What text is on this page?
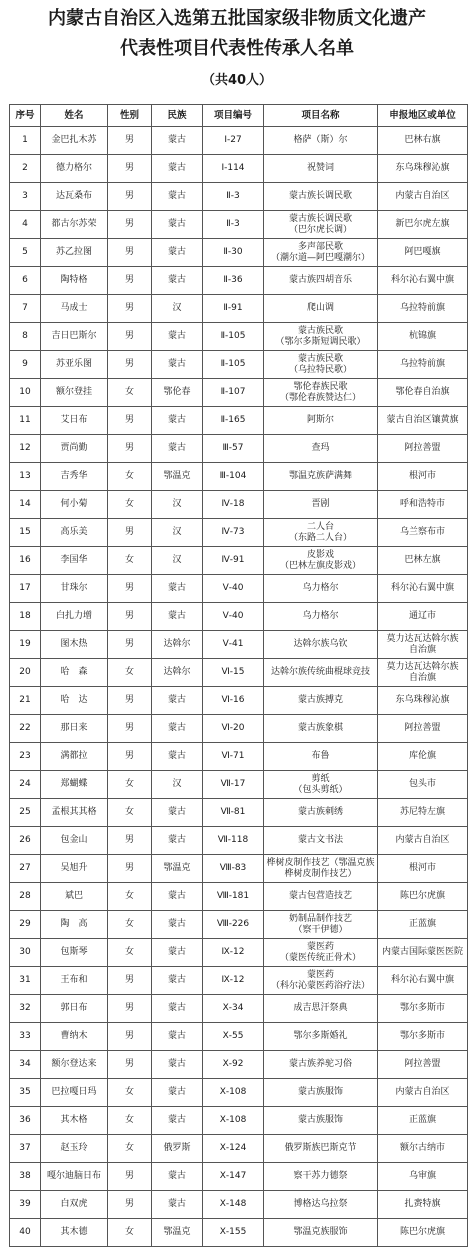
内蒙古自治区入选第五批国家级非物质文化遗产
代表性项目代表性传承人名单
（共40人）
序号	姓名	性别	民族	项目编号	项目名称	申报地区或单位
1	金巴扎木苏	男	蒙古	Ⅰ-27	格萨（斯）尔	巴林右旗

2	德力格尔	男	蒙古	Ⅰ-114	祝赞词	东乌珠穆沁旗

3	达瓦桑布	男	蒙古	Ⅱ-3	蒙古族长调民歌	内蒙古自治区

4	都古尔苏荣	男	蒙古	Ⅱ-3	蒙古族长调民歌
（巴尔虎长调）	新巴尔虎左旗

5	苏乙拉图	男	蒙古	Ⅱ-30	多声部民歌
（潮尔道—阿巴嘎潮尔）	阿巴嘎旗

6	陶特格	男	蒙古	Ⅱ-36	蒙古族四胡音乐	科尔沁右翼中旗

7	马成士	男	汉	Ⅱ-91	爬山调	乌拉特前旗

8	吉日巴斯尔	男	蒙古	Ⅱ-105	蒙古族民歌
（鄂尔多斯短调民歌）	杭锦旗

9	苏亚乐图	男	蒙古	Ⅱ-105	蒙古族民歌
（乌拉特民歌）	乌拉特前旗

10	额尔登挂	女	鄂伦春	Ⅱ-107	鄂伦春族民歌
（鄂伦春族赞达仁）	鄂伦春自治旗

11	艾日布	男	蒙古	Ⅱ-165	阿斯尔	蒙古自治区镶黄旗

12	贾尚勤	男	蒙古	Ⅲ-57	查玛	阿拉善盟

13	吉秀华	女	鄂温克	Ⅲ-104	鄂温克族萨满舞	根河市

14	何小菊	女	汉	Ⅳ-18	晋剧	呼和浩特市

15	高乐美	男	汉	Ⅳ-73	二人台
（东路二人台）	乌兰察布市

16	李国华	女	汉	Ⅳ-91	皮影戏
（巴林左旗皮影戏）	巴林左旗

17	甘珠尔	男	蒙古	Ⅴ-40	乌力格尔	科尔沁右翼中旗

18	白扎力增	男	蒙古	Ⅴ-40	乌力格尔	通辽市

19	图木热	男	达斡尔	Ⅴ-41	达斡尔族乌钦	莫力达瓦达斡尔族
自治旗

20	哈　森	女	达斡尔	Ⅵ-15	达斡尔族传统曲棍球竞技	莫力达瓦达斡尔族
自治旗

21	哈　达	男	蒙古	Ⅵ-16	蒙古族搏克	东乌珠穆沁旗

22	那日来	男	蒙古	Ⅵ-20	蒙古族象棋	阿拉善盟

23	满都拉	男	蒙古	Ⅵ-71	布鲁	库伦旗

24	郑蝴蝶	女	汉	Ⅶ-17	剪纸
（包头剪纸）	包头市

25	孟根其其格	女	蒙古	Ⅶ-81	蒙古族刺绣	苏尼特左旗

26	包金山	男	蒙古	Ⅶ-118	蒙古文书法	内蒙古自治区

27	吴旭升	男	鄂温克	Ⅷ-83	桦树皮制作技艺（鄂温克族
桦树皮制作技艺）	根河市

28	斌巴	女	蒙古	Ⅷ-181	蒙古包营造技艺	陈巴尔虎旗

29	陶　高	女	蒙古	Ⅷ-226	奶制品制作技艺
（察干伊德）	正蓝旗

30	包斯琴	女	蒙古	Ⅸ-12	蒙医药
（蒙医传统正骨术）	内蒙古国际蒙医医院

31	王布和	男	蒙古	Ⅸ-12	蒙医药
（科尔沁蒙医药浴疗法）	科尔沁右翼中旗

32	郭日布	男	蒙古	Ⅹ-34	成吉思汗祭典	鄂尔多斯市

33	曹纳木	男	蒙古	Ⅹ-55	鄂尔多斯婚礼	鄂尔多斯市

34	额尔登达来	男	蒙古	Ⅹ-92	蒙古族养驼习俗	阿拉善盟

35	巴拉嘎日玛	女	蒙古	Ⅹ-108	蒙古族服饰	内蒙古自治区

36	其木格	女	蒙古	Ⅹ-108	蒙古族服饰	正蓝旗

37	赵玉玲	女	俄罗斯	Ⅹ-124	俄罗斯族巴斯克节	额尔古纳市

38	嘎尔迪脑日布	男	蒙古	Ⅹ-147	察干苏力德祭	乌审旗

39	白双虎	男	蒙古	Ⅹ-148	博格达乌拉祭	扎赉特旗

40	其木德	女	鄂温克	Ⅹ-155	鄂温克族服饰	陈巴尔虎旗
